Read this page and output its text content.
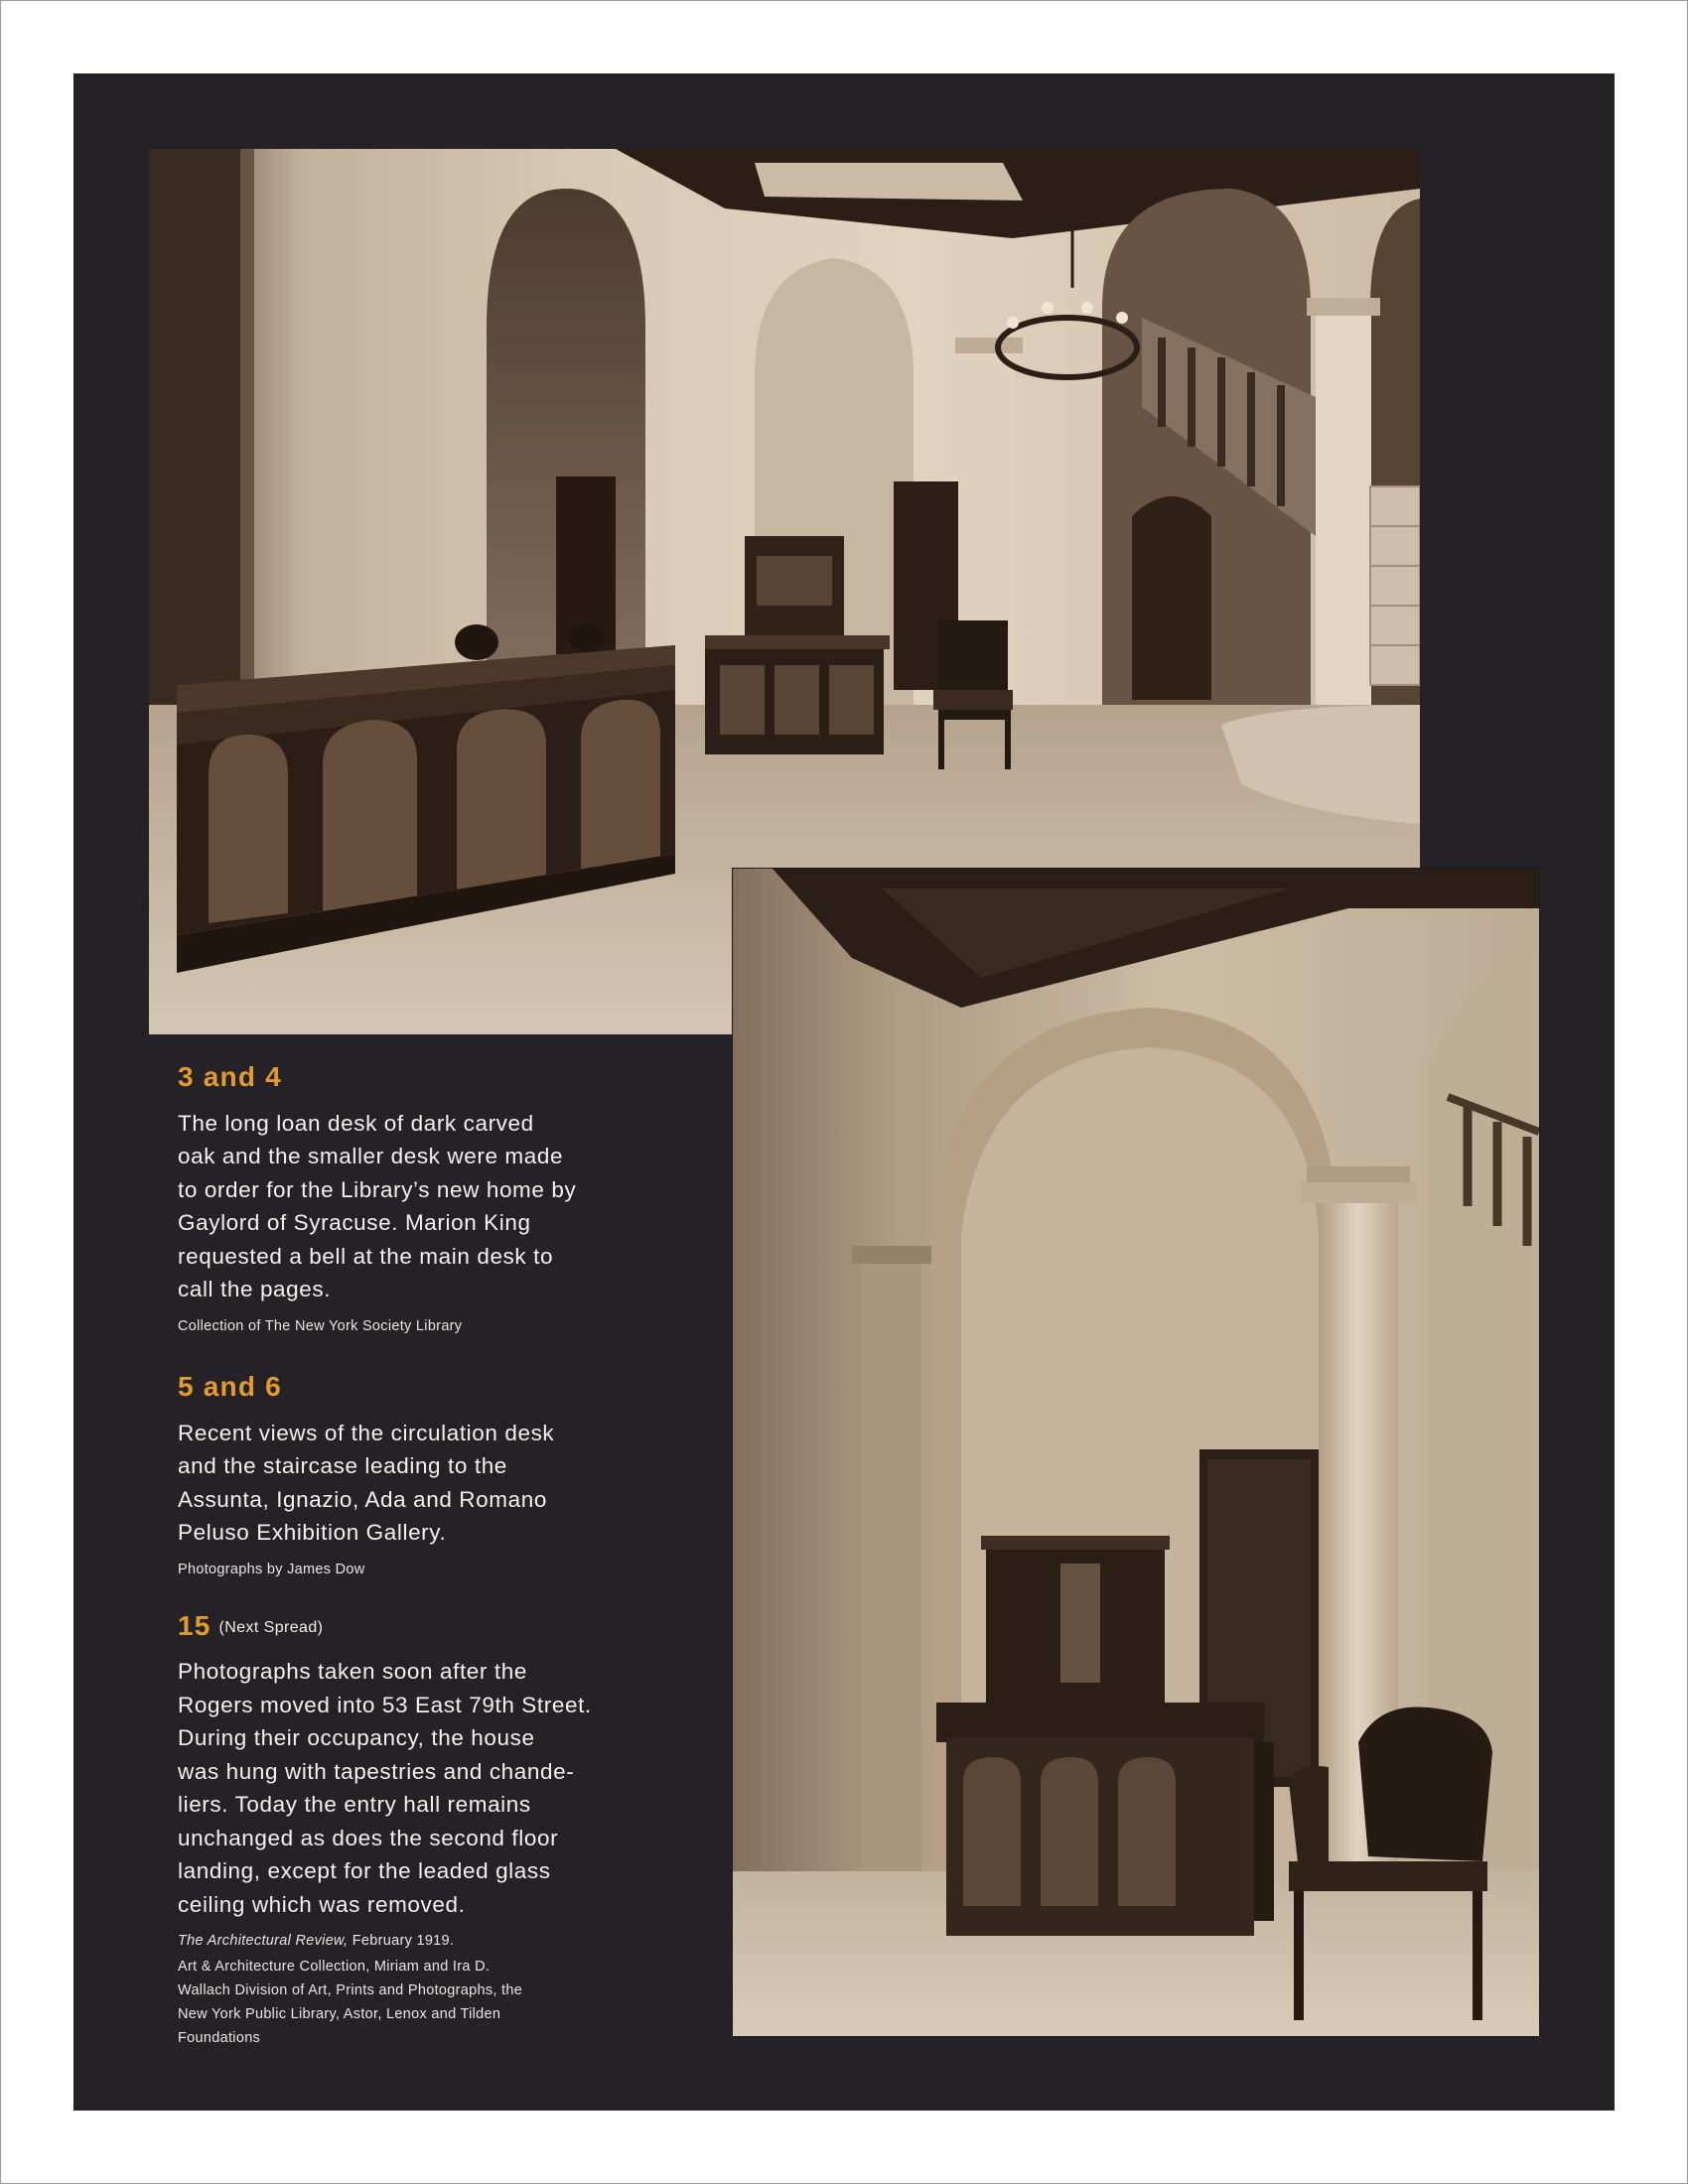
3 and 4

The long loan desk of dark carved
oak and the smaller desk were made
to order for the Library’s new home by
Gaylord of Syracuse. Marion King
requested a bell at the main desk to
call the pages.

Collection of The New York Society Library

5 and 6

Recent views of the circulation desk
and the staircase leading to the
Assunta, Ignazio, Ada and Romano
Peluso Exhibition Gallery.

Photographs by James Dow

15 (Next Spread)

Photographs taken soon after the
Rogers moved into 53 East 79th Street.
During their occupancy, the house
was hung with tapestries and chande-
liers. Today the entry hall remains
unchanged as does the second floor
landing, except for the leaded glass
ceiling which was removed.

The Architectural Review, February 1919.

Art & Architecture Collection, Miriam and Ira D.
Wallach Division of Art, Prints and Photographs, the
New York Public Library, Astor, Lenox and Tilden
Foundations
